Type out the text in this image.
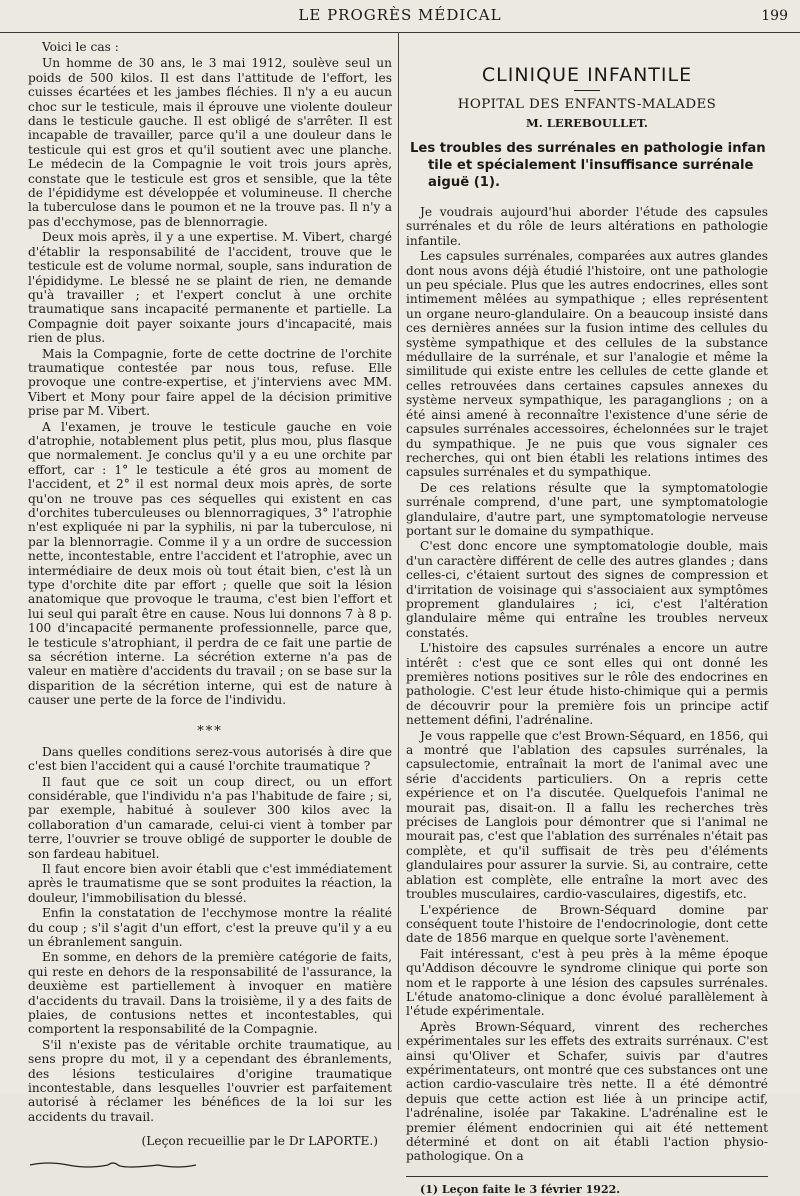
LE PROGRÈS MÉDICAL	199
Voici le cas :

Un homme de 30 ans, le 3 mai 1912, soulève seul un poids de 500 kilos. Il est dans l'attitude de l'effort, les cuisses écartées et les jambes fléchies. Il n'y a eu aucun choc sur le testicule, mais il éprouve une violente douleur dans le testicule gauche. Il est obligé de s'arrêter. Il est incapable de travailler, parce qu'il a une douleur dans le testicule qui est gros et qu'il soutient avec une planche. Le médecin de la Compagnie le voit trois jours après, constate que le testicule est gros et sensible, que la tête de l'épididyme est développée et volumineuse. Il cherche la tuberculose dans le poumon et ne la trouve pas. Il n'y a pas d'ecchymose, pas de blennorragie.

Deux mois après, il y a une expertise. M. Vibert, chargé d'établir la responsabilité de l'accident, trouve que le testicule est de volume normal, souple, sans induration de l'épididyme. Le blessé ne se plaint de rien, ne demande qu'à travailler ; et l'expert conclut à une orchite traumatique sans incapacité permanente et partielle. La Compagnie doit payer soixante jours d'incapacité, mais rien de plus.

Mais la Compagnie, forte de cette doctrine de l'orchite traumatique contestée par nous tous, refuse. Elle provoque une contre-expertise, et j'interviens avec MM. Vibert et Mony pour faire appel de la décision primitive prise par M. Vibert.

A l'examen, je trouve le testicule gauche en voie d'atrophie, notablement plus petit, plus mou, plus flasque que normalement. Je conclus qu'il y a eu une orchite par effort, car : 1° le testicule a été gros au moment de l'accident, et 2° il est normal deux mois après, de sorte qu'on ne trouve pas ces séquelles qui existent en cas d'orchites tuberculeuses ou blennorragiques, 3° l'atrophie n'est expliquée ni par la syphilis, ni par la tuberculose, ni par la blennorragie. Comme il y a un ordre de succession nette, incontestable, entre l'accident et l'atrophie, avec un intermédiaire de deux mois où tout était bien, c'est là un type d'orchite dite par effort ; quelle que soit la lésion anatomique que provoque le trauma, c'est bien l'effort et lui seul qui paraît être en cause. Nous lui donnons 7 à 8 p. 100 d'incapacité permanente professionnelle, parce que, le testicule s'atrophiant, il perdra de ce fait une partie de sa sécrétion interne. La sécrétion externe n'a pas de valeur en matière d'accidents du travail ; on se base sur la disparition de la sécrétion interne, qui est de nature à causer une perte de la force de l'individu.

***

Dans quelles conditions serez-vous autorisés à dire que c'est bien l'accident qui a causé l'orchite traumatique ?

Il faut que ce soit un coup direct, ou un effort considérable, que l'individu n'a pas l'habitude de faire ; si, par exemple, habitué à soulever 300 kilos avec la collaboration d'un camarade, celui-ci vient à tomber par terre, l'ouvrier se trouve obligé de supporter le double de son fardeau habituel.

Il faut encore bien avoir établi que c'est immédiatement après le traumatisme que se sont produites la réaction, la douleur, l'immobilisation du blessé.

Enfin la constatation de l'ecchymose montre la réalité du coup ; s'il s'agit d'un effort, c'est la preuve qu'il y a eu un ébranlement sanguin.

En somme, en dehors de la première catégorie de faits, qui reste en dehors de la responsabilité de l'assurance, la deuxième est partiellement à invoquer en matière d'accidents du travail. Dans la troisième, il y a des faits de plaies, de contusions nettes et incontestables, qui comportent la responsabilité de la Compagnie.

S'il n'existe pas de véritable orchite traumatique, au sens propre du mot, il y a cependant des ébranlements, des lésions testiculaires d'origine traumatique incontestable, dans lesquelles l'ouvrier est parfaitement autorisé à réclamer les bénéfices de la loi sur les accidents du travail.

(Leçon recueillie par le Dr LAPORTE.)
CLINIQUE INFANTILE
HOPITAL DES ENFANTS-MALADES
M. LEREBOULLET.
Les troubles des surrénales en pathologie infan
tile et spécialement l'insuffisance surrénale aiguë (1).

Je voudrais aujourd'hui aborder l'étude des capsules surrénales et du rôle de leurs altérations en pathologie infantile.

Les capsules surrénales, comparées aux autres glandes dont nous avons déjà étudié l'histoire, ont une pathologie un peu spéciale. Plus que les autres endocrines, elles sont intimement mêlées au sympathique ; elles représentent un organe neuro-glandulaire. On a beaucoup insisté dans ces dernières années sur la fusion intime des cellules du système sympathique et des cellules de la substance médullaire de la surrénale, et sur l'analogie et même la similitude qui existe entre les cellules de cette glande et celles retrouvées dans certaines capsules annexes du système nerveux sympathique, les paraganglions ; on a été ainsi amené à reconnaître l'existence d'une série de capsules surrénales accessoires, échelonnées sur le trajet du sympathique. Je ne puis que vous signaler ces recherches, qui ont bien établi les relations intimes des capsules surrénales et du sympathique.

De ces relations résulte que la symptomatologie surrénale comprend, d'une part, une symptomatologie glandulaire, d'autre part, une symptomatologie nerveuse portant sur le domaine du sympathique.

C'est donc encore une symptomatologie double, mais d'un caractère différent de celle des autres glandes ; dans celles-ci, c'étaient surtout des signes de compression et d'irritation de voisinage qui s'associaient aux symptômes proprement glandulaires ; ici, c'est l'altération glandulaire même qui entraîne les troubles nerveux constatés.

L'histoire des capsules surrénales a encore un autre intérêt : c'est que ce sont elles qui ont donné les premières notions positives sur le rôle des endocrines en pathologie. C'est leur étude histo-chimique qui a permis de découvrir pour la première fois un principe actif nettement défini, l'adrénaline.

Je vous rappelle que c'est Brown-Séquard, en 1856, qui a montré que l'ablation des capsules surrénales, la capsulectomie, entraînait la mort de l'animal avec une série d'accidents particuliers. On a repris cette expérience et on l'a discutée. Quelquefois l'animal ne mourait pas, disait-on. Il a fallu les recherches très précises de Langlois pour démontrer que si l'animal ne mourait pas, c'est que l'ablation des surrénales n'était pas complète, et qu'il suffisait de très peu d'éléments glandulaires pour assurer la survie. Si, au contraire, cette ablation est complète, elle entraîne la mort avec des troubles musculaires, cardio-vasculaires, digestifs, etc.

L'expérience de Brown-Séquard domine par conséquent toute l'histoire de l'endocrinologie, dont cette date de 1856 marque en quelque sorte l'avènement.

Fait intéressant, c'est à peu près à la même époque qu'Addison découvre le syndrome clinique qui porte son nom et le rapporte à une lésion des capsules surrénales. L'étude anatomo-clinique a donc évolué parallèlement à l'étude expérimentale.

Après Brown-Séquard, vinrent des recherches expérimentales sur les effets des extraits surrénaux. C'est ainsi qu'Oliver et Schafer, suivis par d'autres expérimentateurs, ont montré que ces substances ont une action cardio-vasculaire très nette. Il a été démontré depuis que cette action est liée à un principe actif, l'adrénaline, isolée par Takakine. L'adrénaline est le premier élément endocrinien qui ait été nettement déterminé et dont on ait établi l'action physio-pathologique. On a

(1) Leçon faite le 3 février 1922.
